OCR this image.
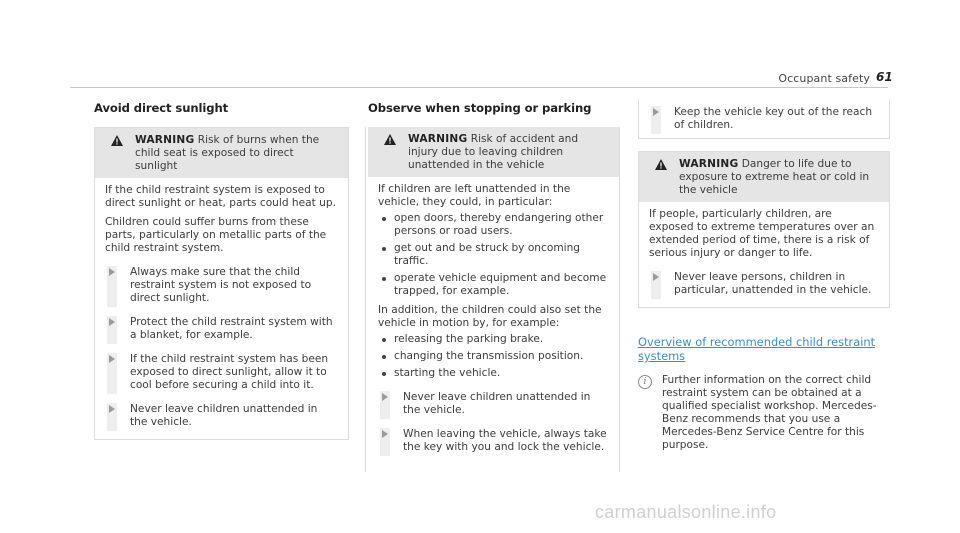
Occupant safety 61
Avoid direct sunlight
WARNING Risk of burns when the child seat is exposed to direct sunlight

If the child restraint system is exposed to direct sunlight or heat, parts could heat up.

Children could suffer burns from these parts, particularly on metallic parts of the child restraint system.

Always make sure that the child restraint system is not exposed to direct sunlight.
Protect the child restraint system with a blanket, for example.
If the child restraint system has been exposed to direct sunlight, allow it to cool before securing a child into it.
Never leave children unattended in the vehicle.
Observe when stopping or parking
WARNING Risk of accident and injury due to leaving children unattended in the vehicle

If children are left unattended in the vehicle, they could, in particular:

open doors, thereby endangering other persons or road users.
get out and be struck by oncoming traffic.
operate vehicle equipment and become trapped, for example.

In addition, the children could also set the vehicle in motion by, for example:

releasing the parking brake.
changing the transmission position.
starting the vehicle.
Never leave children unattended in the vehicle.
When leaving the vehicle, always take the key with you and lock the vehicle.
Keep the vehicle key out of the reach of children.
WARNING Danger to life due to exposure to extreme heat or cold in the vehicle

If people, particularly children, are exposed to extreme temperatures over an extended period of time, there is a risk of serious injury or danger to life.

Never leave persons, children in particular, unattended in the vehicle.
Overview of recommended child restraint systems
i	Further information on the correct child restraint system can be obtained at a qualified specialist workshop. Mercedes-Benz recommends that you use a Mercedes-Benz Service Centre for this purpose.
carmanualsonline.info
